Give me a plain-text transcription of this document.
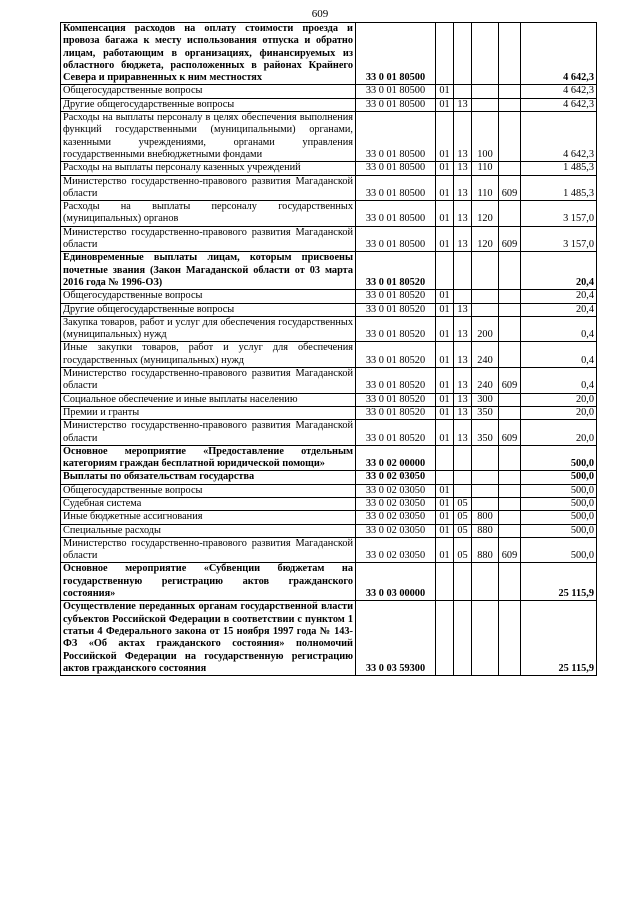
609
Компенсация расходов на оплату стоимости проезда и провоза багажа к месту использования отпуска и обратно лицам, работающим в организациях, финансируемых из областного бюджета, расположенных в районах Крайнего Севера и приравненных к ним местностях	33 0 01 80500					4 642,3
Общегосударственные вопросы	33 0 01 80500	01				4 642,3
Другие общегосударственные вопросы	33 0 01 80500	01	13			4 642,3
Расходы на выплаты персоналу в целях обеспечения выполнения функций государственными (муниципальными) органами, казенными учреждениями, органами управления государственными внебюджетными фондами	33 0 01 80500	01	13	100		4 642,3
Расходы на выплаты персоналу казенных учреждений	33 0 01 80500	01	13	110		1 485,3
Министерство государственно-правового развития Магаданской области	33 0 01 80500	01	13	110	609	1 485,3
Расходы на выплаты персоналу государственных (муниципальных) органов	33 0 01 80500	01	13	120		3 157,0
Министерство государственно-правового развития Магаданской области	33 0 01 80500	01	13	120	609	3 157,0
Единовременные выплаты лицам, которым присвоены почетные звания (Закон Магаданской области от 03 марта 2016 года № 1996-ОЗ)	33 0 01 80520					20,4
Общегосударственные вопросы	33 0 01 80520	01				20,4
Другие общегосударственные вопросы	33 0 01 80520	01	13			20,4
Закупка товаров, работ и услуг для обеспечения государственных (муниципальных) нужд	33 0 01 80520	01	13	200		0,4
Иные закупки товаров, работ и услуг для обеспечения государственных (муниципальных) нужд	33 0 01 80520	01	13	240		0,4
Министерство государственно-правового развития Магаданской области	33 0 01 80520	01	13	240	609	0,4
Социальное обеспечение и иные выплаты населению	33 0 01 80520	01	13	300		20,0
Премии и гранты	33 0 01 80520	01	13	350		20,0
Министерство государственно-правового развития Магаданской области	33 0 01 80520	01	13	350	609	20,0
Основное мероприятие «Предоставление отдельным категориям граждан бесплатной юридической помощи»	33 0 02 00000					500,0
Выплаты по обязательствам государства	33 0 02 03050					500,0
Общегосударственные вопросы	33 0 02 03050	01				500,0
Судебная система	33 0 02 03050	01	05			500,0
Иные бюджетные ассигнования	33 0 02 03050	01	05	800		500,0
Специальные расходы	33 0 02 03050	01	05	880		500,0
Министерство государственно-правового развития Магаданской области	33 0 02 03050	01	05	880	609	500,0
Основное мероприятие «Субвенции бюджетам на государственную регистрацию актов гражданского состояния»	33 0 03 00000					25 115,9
Осуществление переданных органам государственной власти субъектов Российской Федерации в соответствии с пунктом 1 статьи 4 Федерального закона от 15 ноября 1997 года № 143-ФЗ «Об актах гражданского состояния» полномочий Российской Федерации на государственную регистрацию актов гражданского состояния	33 0 03 59300					25 115,9
